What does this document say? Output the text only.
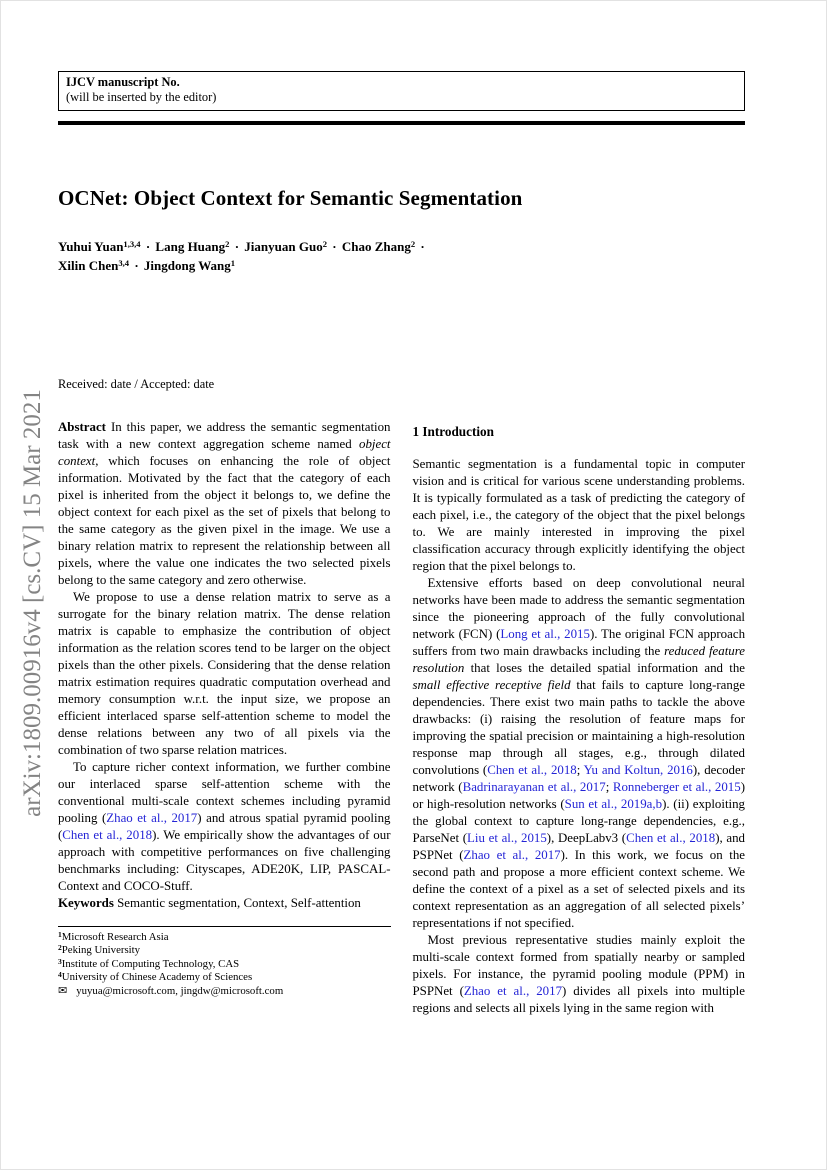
arXiv:1809.00916v4 [cs.CV] 15 Mar 2021
IJCV manuscript No.
(will be inserted by the editor)
OCNet: Object Context for Semantic Segmentation
Yuhui Yuan$^{1,3,4}$ · Lang Huang$^2$ · Jianyuan Guo$^2$ · Chao Zhang$^2$ ·
Xilin Chen$^{3,4}$ · Jingdong Wang$^1$
Received: date / Accepted: date

Abstract In this paper, we address the semantic segmentation task with a new context aggregation scheme named object context, which focuses on enhancing the role of object information. Motivated by the fact that the category of each pixel is inherited from the object it belongs to, we define the object context for each pixel as the set of pixels that belong to the same category as the given pixel in the image. We use a binary relation matrix to represent the relationship between all pixels, where the value one indicates the two selected pixels belong to the same category and zero otherwise.

We propose to use a dense relation matrix to serve as a surrogate for the binary relation matrix. The dense relation matrix is capable to emphasize the contribution of object information as the relation scores tend to be larger on the object pixels than the other pixels. Considering that the dense relation matrix estimation requires quadratic computation overhead and memory consumption w.r.t. the input size, we propose an efficient interlaced sparse self-attention scheme to model the dense relations between any two of all pixels via the combination of two sparse relation matrices.

To capture richer context information, we further combine our interlaced sparse self-attention scheme with the conventional multi-scale context schemes including pyramid pooling (Zhao et al., 2017) and atrous spatial pyramid pooling (Chen et al., 2018). We empirically show the advantages of our approach with competitive performances on five challenging benchmarks including: Cityscapes, ADE20K, LIP, PASCAL-Context and COCO-Stuff.

Keywords Semantic segmentation, Context, Self-attention

$^1$Microsoft Research Asia
$^2$Peking University
$^3$Institute of Computing Technology, CAS
$^4$University of Chinese Academy of Sciences
✉ yuyua@microsoft.com, jingdw@microsoft.com
1 Introduction

Semantic segmentation is a fundamental topic in computer vision and is critical for various scene understanding problems. It is typically formulated as a task of predicting the category of each pixel, i.e., the category of the object that the pixel belongs to. We are mainly interested in improving the pixel classification accuracy through explicitly identifying the object region that the pixel belongs to.

Extensive efforts based on deep convolutional neural networks have been made to address the semantic segmentation since the pioneering approach of the fully convolutional network (FCN) (Long et al., 2015). The original FCN approach suffers from two main drawbacks including the reduced feature resolution that loses the detailed spatial information and the small effective receptive field that fails to capture long-range dependencies. There exist two main paths to tackle the above drawbacks: (i) raising the resolution of feature maps for improving the spatial precision or maintaining a high-resolution response map through all stages, e.g., through dilated convolutions (Chen et al., 2018; Yu and Koltun, 2016), decoder network (Badrinarayanan et al., 2017; Ronneberger et al., 2015) or high-resolution networks (Sun et al., 2019a,b). (ii) exploiting the global context to capture long-range dependencies, e.g., ParseNet (Liu et al., 2015), DeepLabv3 (Chen et al., 2018), and PSPNet (Zhao et al., 2017). In this work, we focus on the second path and propose a more efficient context scheme. We define the context of a pixel as a set of selected pixels and its context representation as an aggregation of all selected pixels’ representations if not specified.

Most previous representative studies mainly exploit the multi-scale context formed from spatially nearby or sampled pixels. For instance, the pyramid pooling module (PPM) in PSPNet (Zhao et al., 2017) divides all pixels into multiple regions and selects all pixels lying in the same region with
